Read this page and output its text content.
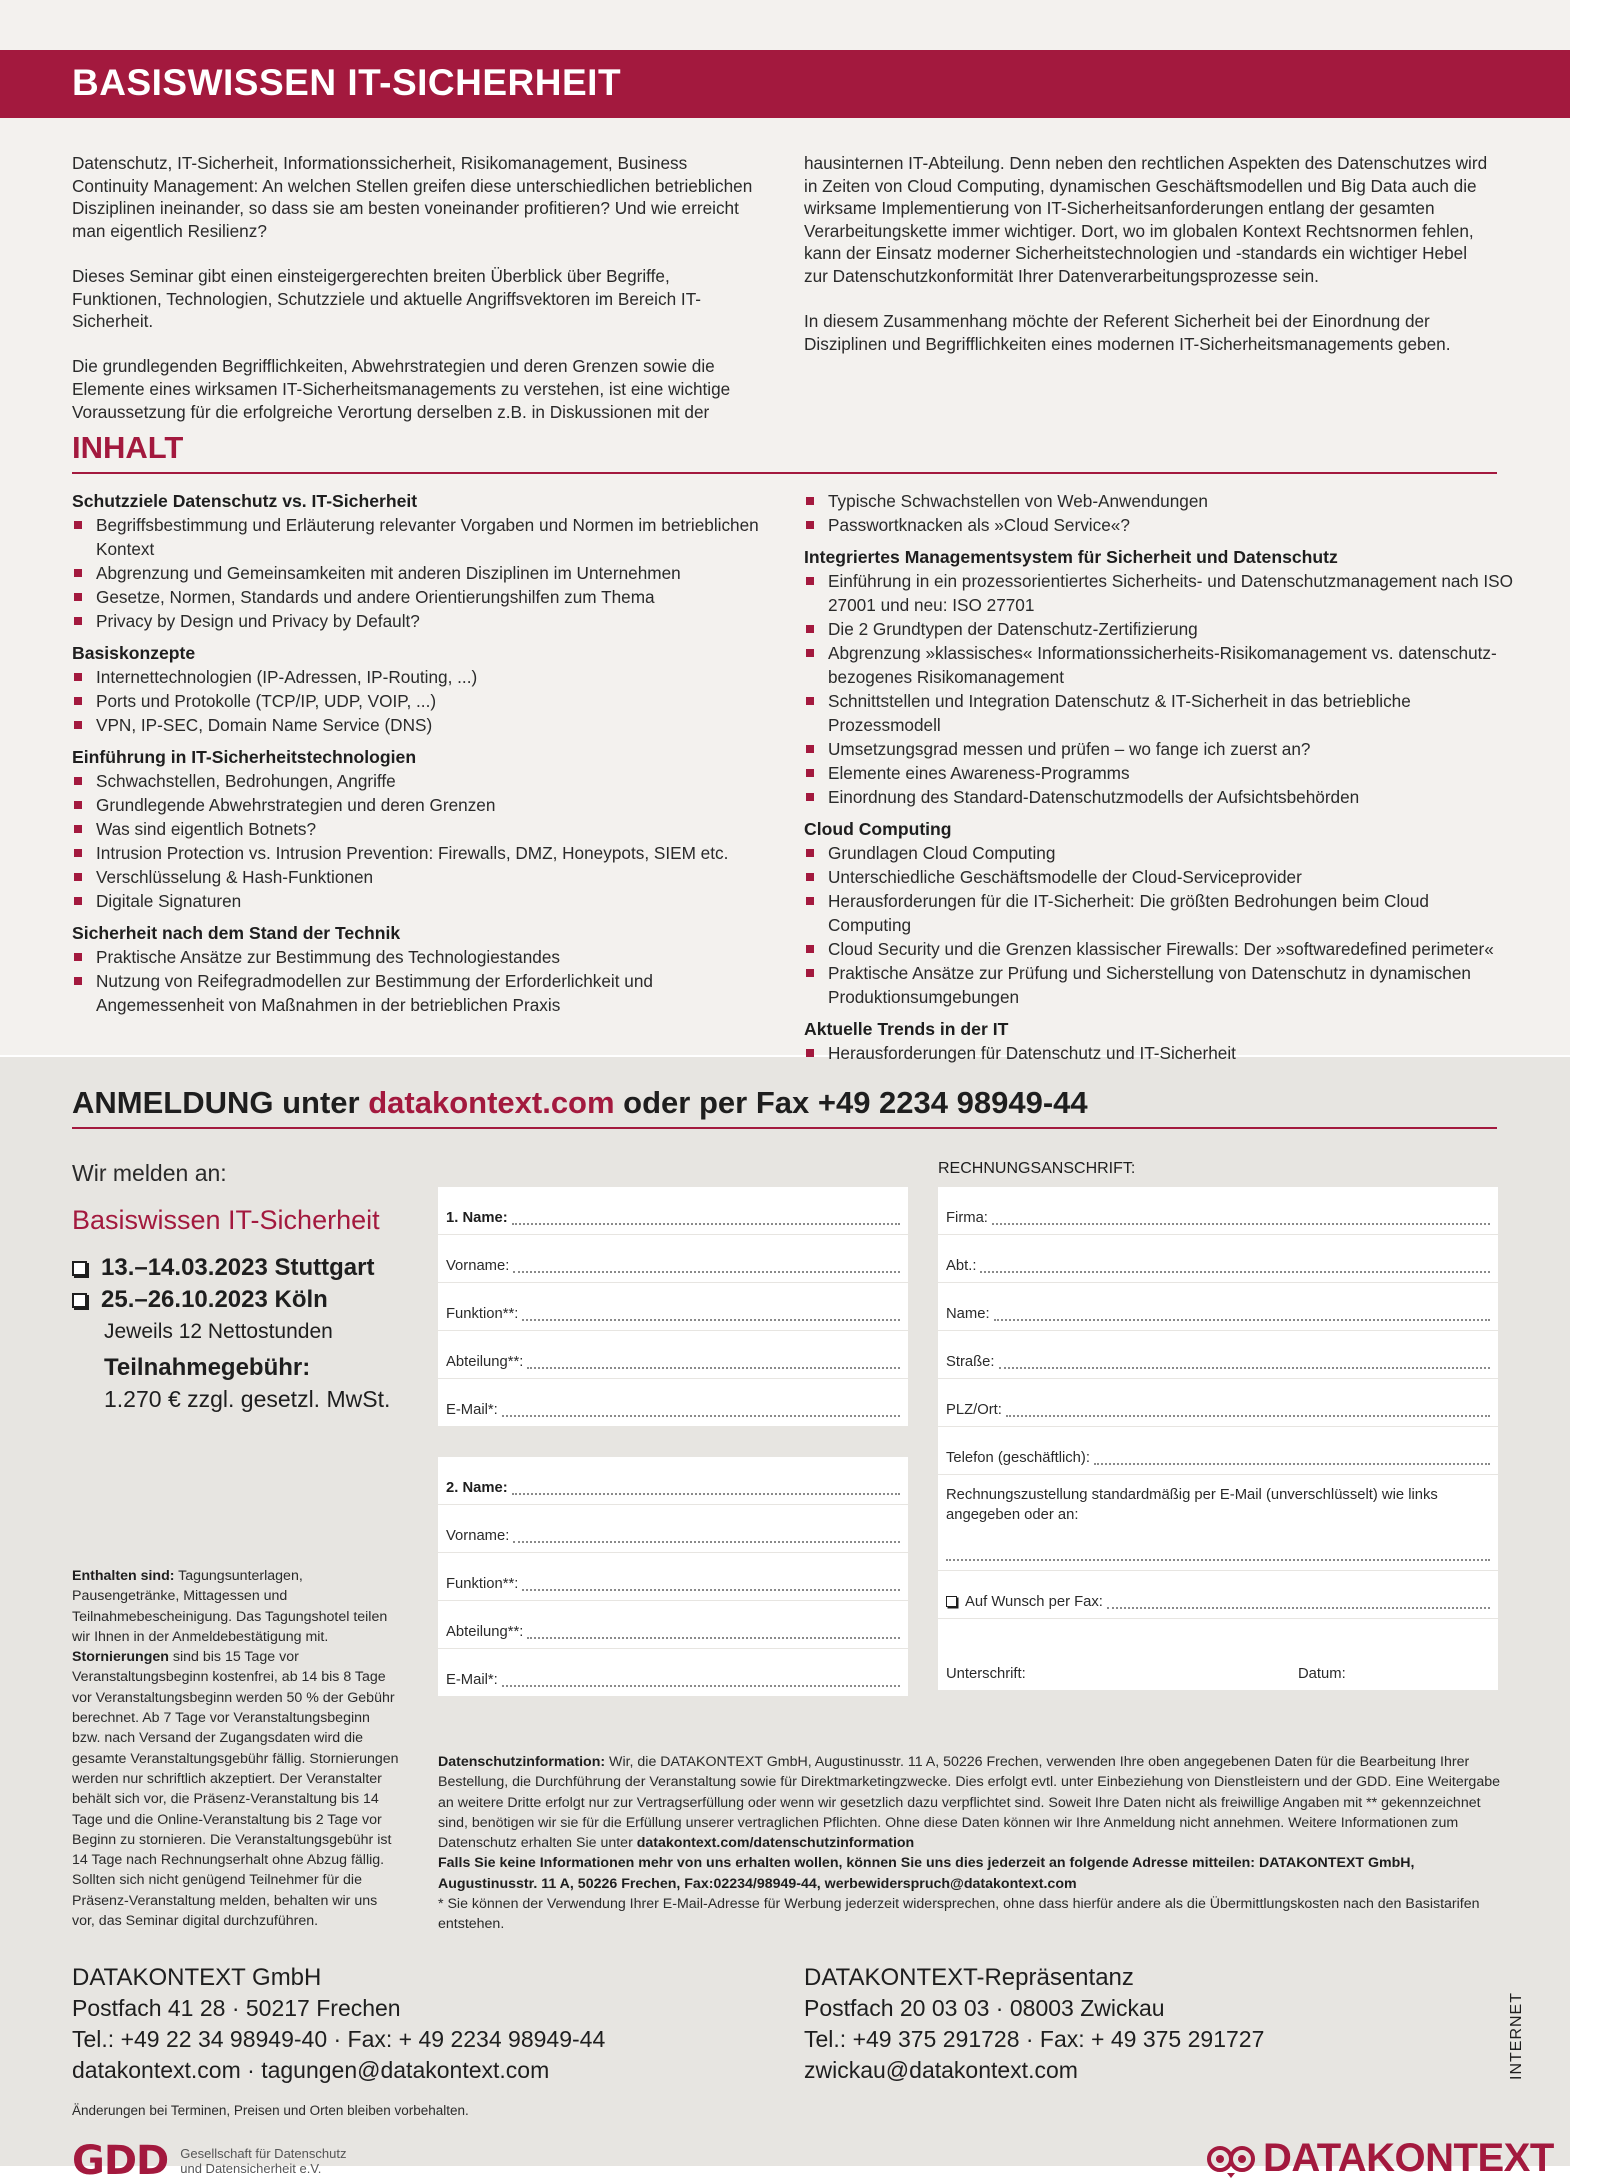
BASISWISSEN IT-SICHERHEIT

Datenschutz, IT-Sicherheit, Informationssicherheit, Risikomanagement, Business Continuity Management: An welchen Stellen greifen diese unterschiedlichen betrieblichen Disziplinen ineinander, so dass sie am besten voneinander profitieren? Und wie erreicht man eigentlich Resilienz?

Dieses Seminar gibt einen einsteigergerechten breiten Überblick über Begriffe, Funktionen, Technologien, Schutzziele und aktuelle Angriffsvektoren im Bereich IT-Sicherheit.

Die grundlegenden Begrifflichkeiten, Abwehrstrategien und deren Grenzen sowie die Elemente eines wirksamen IT-Sicherheitsmanagements zu verstehen, ist eine wichtige Voraussetzung für die erfolgreiche Verortung derselben z.B. in Diskussionen mit der

hausinternen IT-Abteilung. Denn neben den rechtlichen Aspekten des Datenschutzes wird in Zeiten von Cloud Computing, dynamischen Geschäftsmodellen und Big Data auch die wirksame Implementierung von IT-Sicherheitsanforderungen entlang der gesamten Verarbeitungskette immer wichtiger. Dort, wo im globalen Kontext Rechtsnormen fehlen, kann der Einsatz moderner Sicherheitstechnologien und -standards ein wichtiger Hebel zur Datenschutzkonformität Ihrer Datenverarbeitungsprozesse sein.

In diesem Zusammenhang möchte der Referent Sicherheit bei der Einordnung der Disziplinen und Begrifflichkeiten eines modernen IT-Sicherheitsmanagements geben.

INHALT
Schutzziele Datenschutz vs. IT-Sicherheit
Begriffsbestimmung und Erläuterung relevanter Vorgaben und Normen im betrieblichen Kontext
Abgrenzung und Gemeinsamkeiten mit anderen Disziplinen im Unternehmen
Gesetze, Normen, Standards und andere Orientierungshilfen zum Thema
Privacy by Design und Privacy by Default?
Basiskonzepte
Internettechnologien (IP-Adressen, IP-Routing, ...)
Ports und Protokolle (TCP/IP, UDP, VOIP, ...)
VPN, IP-SEC, Domain Name Service (DNS)
Einführung in IT-Sicherheitstechnologien
Schwachstellen, Bedrohungen, Angriffe
Grundlegende Abwehrstrategien und deren Grenzen
Was sind eigentlich Botnets?
Intrusion Protection vs. Intrusion Prevention: Firewalls, DMZ, Honeypots, SIEM etc.
Verschlüsselung & Hash-Funktionen
Digitale Signaturen
Sicherheit nach dem Stand der Technik
Praktische Ansätze zur Bestimmung des Technologiestandes
Nutzung von Reifegradmodellen zur Bestimmung der Erforderlichkeit und Angemessenheit von Maßnahmen in der betrieblichen Praxis
Typische Schwachstellen von Web-Anwendungen
Passwortknacken als »Cloud Service«?
Integriertes Managementsystem für Sicherheit und Datenschutz
Einführung in ein prozessorientiertes Sicherheits- und Datenschutzmanagement nach ISO 27001 und neu: ISO 27701
Die 2 Grundtypen der Datenschutz-Zertifizierung
Abgrenzung »klassisches« Informationssicherheits-Risikomanagement vs. datenschutz-bezogenes Risikomanagement
Schnittstellen und Integration Datenschutz & IT-Sicherheit in das betriebliche Prozessmodell
Umsetzungsgrad messen und prüfen – wo fange ich zuerst an?
Elemente eines Awareness-Programms
Einordnung des Standard-Datenschutzmodells der Aufsichtsbehörden
Cloud Computing
Grundlagen Cloud Computing
Unterschiedliche Geschäftsmodelle der Cloud-Serviceprovider
Herausforderungen für die IT-Sicherheit: Die größten Bedrohungen beim Cloud Computing
Cloud Security und die Grenzen klassischer Firewalls: Der »softwaredefined perimeter«
Praktische Ansätze zur Prüfung und Sicherstellung von Datenschutz in dynamischen Produktionsumgebungen
Aktuelle Trends in der IT
Herausforderungen für Datenschutz und IT-Sicherheit
ANMELDUNG unter datakontext.com oder per Fax +49 2234 98949-44
Wir melden an:
Basiswissen IT-Sicherheit
13.–14.03.2023 Stuttgart
25.–26.10.2023 Köln
Jeweils 12 Nettostunden
Teilnahmegebühr:
1.270 € zzgl. gesetzl. MwSt.
1. Name:
Vorname:
Funktion**:
Abteilung**:
E-Mail*:
2. Name:
Vorname:
Funktion**:
Abteilung**:
E-Mail*:
RECHNUNGSANSCHRIFT:
Firma:
Abt.:
Name:
Straße:
PLZ/Ort:
Telefon (geschäftlich):
Rechnungszustellung standardmäßig per E-Mail (unverschlüsselt) wie links angegeben oder an:
Auf Wunsch per Fax:
Unterschrift:	Datum:
Enthalten sind: Tagungsunterlagen, Pausengetränke, Mittagessen und Teilnahmebescheinigung. Das Tagungshotel teilen wir Ihnen in der Anmeldebestätigung mit.
Stornierungen sind bis 15 Tage vor Veranstaltungsbeginn kostenfrei, ab 14 bis 8 Tage vor Veranstaltungsbeginn werden 50 % der Gebühr berechnet. Ab 7 Tage vor Veranstaltungsbeginn bzw. nach Versand der Zugangsdaten wird die gesamte Veranstaltungsgebühr fällig. Stornierungen werden nur schriftlich akzeptiert. Der Veranstalter behält sich vor, die Präsenz-Veranstaltung bis 14 Tage und die Online-Veranstaltung bis 2 Tage vor Beginn zu stornieren. Die Veranstaltungsgebühr ist 14 Tage nach Rechnungserhalt ohne Abzug fällig. Sollten sich nicht genügend Teilnehmer für die Präsenz-Veranstaltung melden, behalten wir uns vor, das Seminar digital durchzuführen.
Datenschutzinformation: Wir, die DATAKONTEXT GmbH, Augustinusstr. 11 A, 50226 Frechen, verwenden Ihre oben angegebenen Daten für die Bearbeitung Ihrer Bestellung, die Durchführung der Veranstaltung sowie für Direktmarketingzwecke. Dies erfolgt evtl. unter Einbeziehung von Dienstleistern und der GDD. Eine Weitergabe an weitere Dritte erfolgt nur zur Vertragserfüllung oder wenn wir gesetzlich dazu verpflichtet sind. Soweit Ihre Daten nicht als freiwillige Angaben mit ** gekennzeichnet sind, benötigen wir sie für die Erfüllung unserer vertraglichen Pflichten. Ohne diese Daten können wir Ihre Anmeldung nicht annehmen. Weitere Informationen zum Datenschutz erhalten Sie unter datakontext.com/datenschutzinformation
Falls Sie keine Informationen mehr von uns erhalten wollen, können Sie uns dies jederzeit an folgende Adresse mitteilen: DATAKONTEXT GmbH, Augustinusstr. 11 A, 50226 Frechen, Fax:02234/98949-44, werbewiderspruch@datakontext.com
* Sie können der Verwendung Ihrer E-Mail-Adresse für Werbung jederzeit widersprechen, ohne dass hierfür andere als die Übermittlungskosten nach den Basistarifen entstehen.
DATAKONTEXT GmbH
Postfach 41 28 · 50217 Frechen
Tel.: +49 22 34 98949-40 · Fax: + 49 2234 98949-44
datakontext.com · tagungen@datakontext.com
DATAKONTEXT-Repräsentanz
Postfach 20 03 03 · 08003 Zwickau
Tel.: +49 375 291728 · Fax: + 49 375 291727
zwickau@datakontext.com
Änderungen bei Terminen, Preisen und Orten bleiben vorbehalten.
GDD Gesellschaft für Datenschutz
und Datensicherheit e.V.	DATAKONTEXT
INTERNET
